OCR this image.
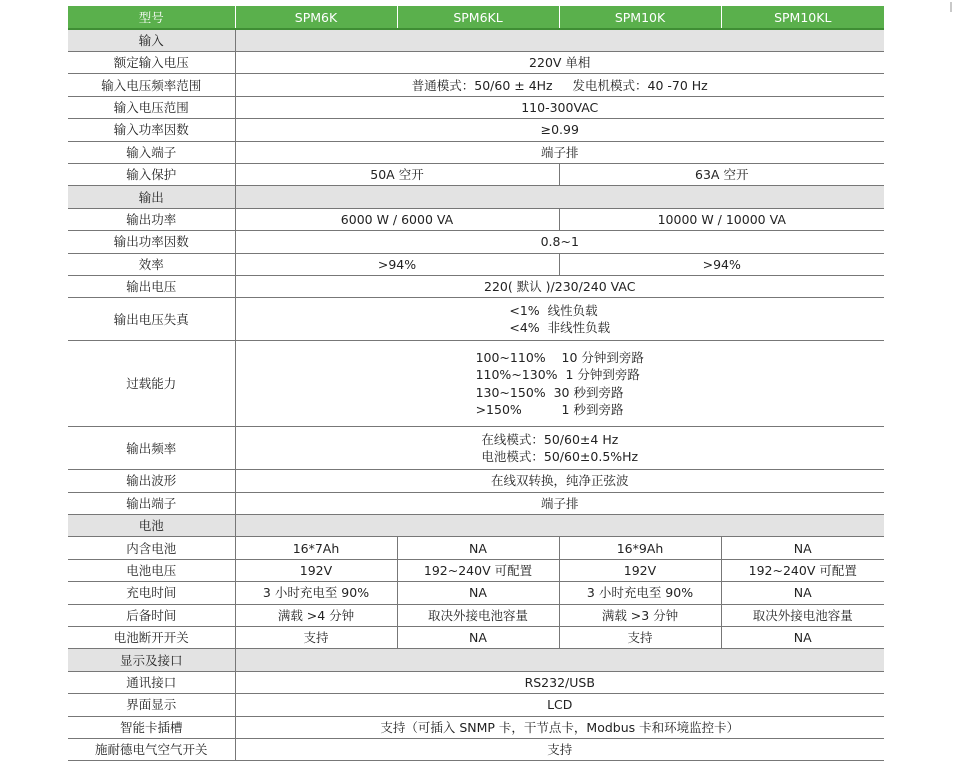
型号	SPM6K	SPM6KL	SPM10K	SPM10KL
输入				
额定输入电压	220V 单相			
输入电压频率范围	普通模式：50/60 ± 4Hz     发电机模式：40 -70 Hz			
输入电压范围	110-300VAC			
输入功率因数	≥0.99			
输入端子	端子排			
输入保护	50A 空开		63A 空开	
输出				
输出功率	6000 W / 6000 VA		10000 W / 10000 VA	
输出功率因数	0.8~1			
效率	>94%		>94%	
输出电压	220( 默认 )/230/240 VAC			
输出电压失真	<1%  线性负载
<4%  非线性负载			

过载能力	100~110%    10 分钟到旁路
110%~130%  1 分钟到旁路
130~150%  30 秒到旁路
>150%          1 秒到旁路			

输出频率	在线模式：50/60±4 Hz
电池模式：50/60±0.5%Hz			

输出波形	在线双转换，纯净正弦波			
输出端子	端子排			
电池				
内含电池	16*7Ah	NA	16*9Ah	NA
电池电压	192V	192~240V 可配置	192V	192~240V 可配置
充电时间	3 小时充电至 90%	NA	3 小时充电至 90%	NA
后备时间	满载 >4 分钟	取决外接电池容量	满载 >3 分钟	取决外接电池容量
电池断开开关	支持	NA	支持	NA
显示及接口				
通讯接口	RS232/USB			
界面显示	LCD			
智能卡插槽	支持（可插入 SNMP 卡，干节点卡，Modbus 卡和环境监控卡）			
施耐德电气空气开关	支持			
